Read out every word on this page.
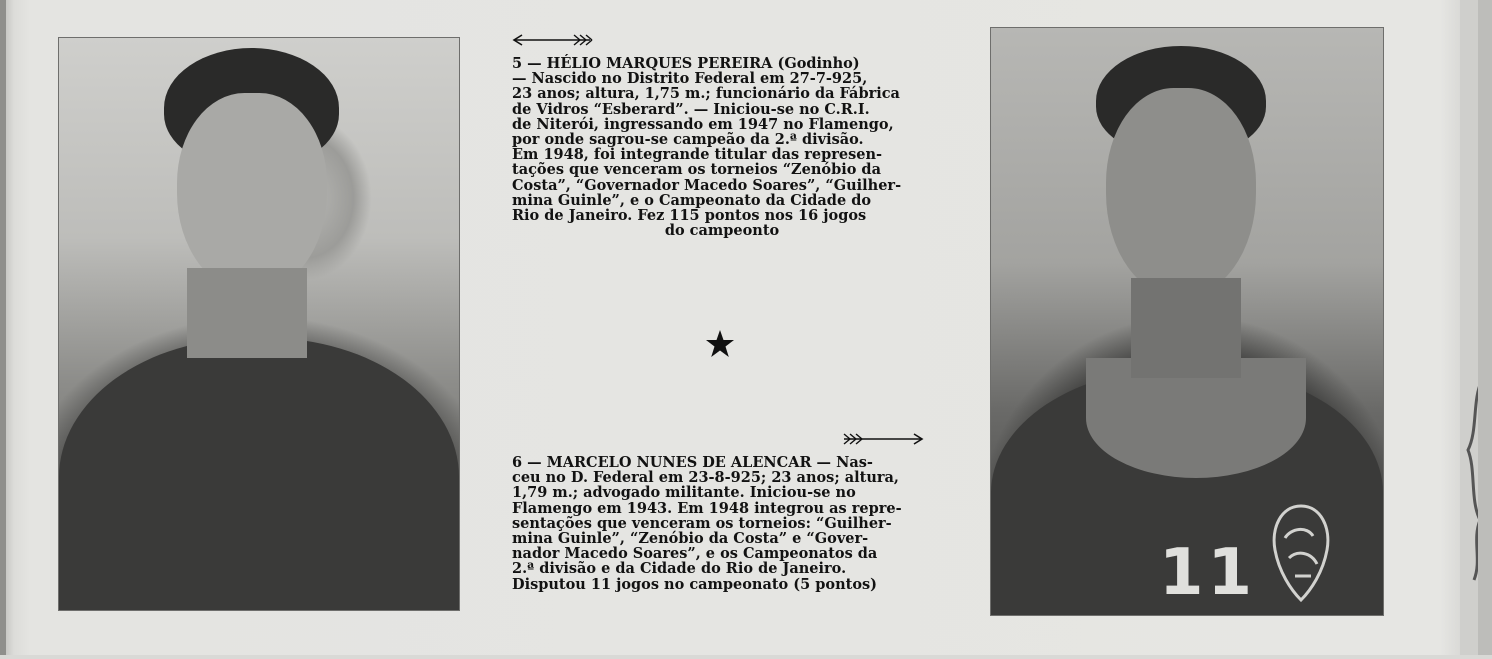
5 — HÉLIO MARQUES PEREIRA (Godinho)

— Nascido no Distrito Federal em 27-7-925,

23 anos; altura, 1,75 m.; funcionário da Fábrica

de Vidros “Esberard”. — Iniciou-se no C.R.I.

de Niterói, ingressando em 1947 no Flamengo,

por onde sagrou-se campeão da 2.ª divisão.

Em 1948, foi integrande titular das represen-

tações que venceram os torneios “Zenóbio da

Costa”, “Governador Macedo Soares”, “Guilher-

mina Guinle”, e o Campeonato da Cidade do

Rio de Janeiro. Fez 115 pontos nos 16 jogos

do campeonto

6 — MARCELO NUNES DE ALENCAR — Nas-

ceu no D. Federal em 23-8-925; 23 anos; altura,

1,79 m.; advogado militante. Iniciou-se no

Flamengo em 1943. Em 1948 integrou as repre-

sentações que venceram os torneios: “Guilher-

mina Guinle”, “Zenóbio da Costa” e “Gover-

nador Macedo Soares”, e os Campeonatos da

2.ª divisão e da Cidade do Rio de Janeiro.

Disputou 11 jogos no campeonato (5 pontos)	11
